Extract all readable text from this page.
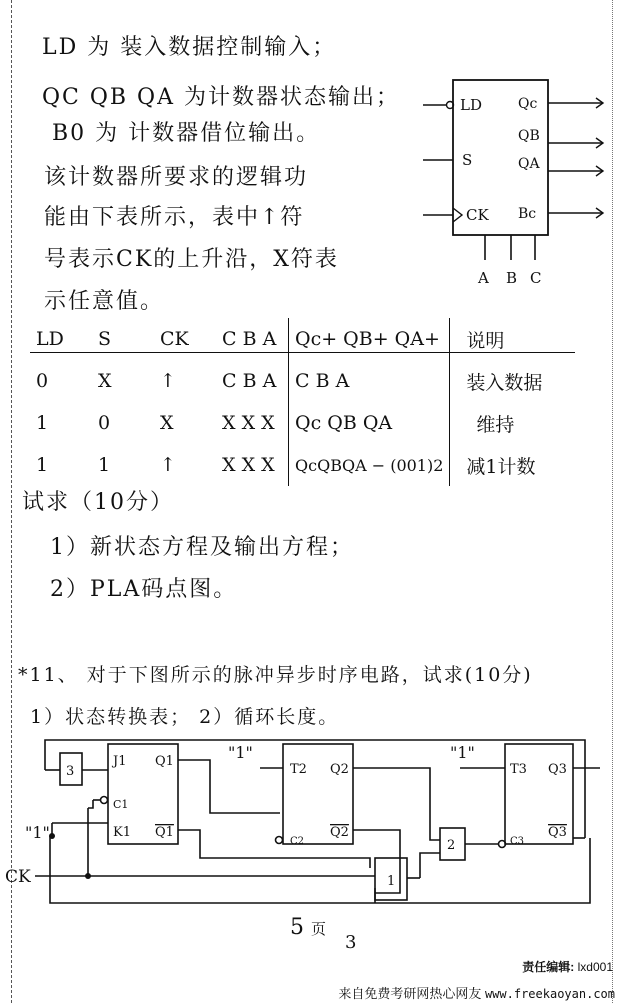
LD 为 装入数据控制输入；
QC QB QA 为计数器状态输出；
B0 为 计数器借位输出。
该计数器所要求的逻辑功
能由下表所示，表中↑符
号表示CK的上升沿，X符表
示任意值。
LD
S
CK
Qc
QB
QA
Bc
A B C
LD	S	CK	C B A	Qc+ QB+ QA+	说明
0	X	↑	C B A	C B A	装入数据
1	0	X	X X X	Qc QB QA	维持
1	1	↑	X X X	QcQBQA − (001)2	减1计数
试求（10分）
1）新状态方程及输出方程；
2）PLA码点图。
*11、 对于下图所示的脉冲异步时序电路，试求(10分)
1）状态转换表； 2）循环长度。
3
2
1
J1
C1
K1
Q1
Q1
T2
C2
Q2
Q2
T3
C3
Q3
Q3
"1"
"1"	"1"
CK
5 页
3
责任编辑: lxd001
来自免费考研网热心网友 www.freekaoyan.com
